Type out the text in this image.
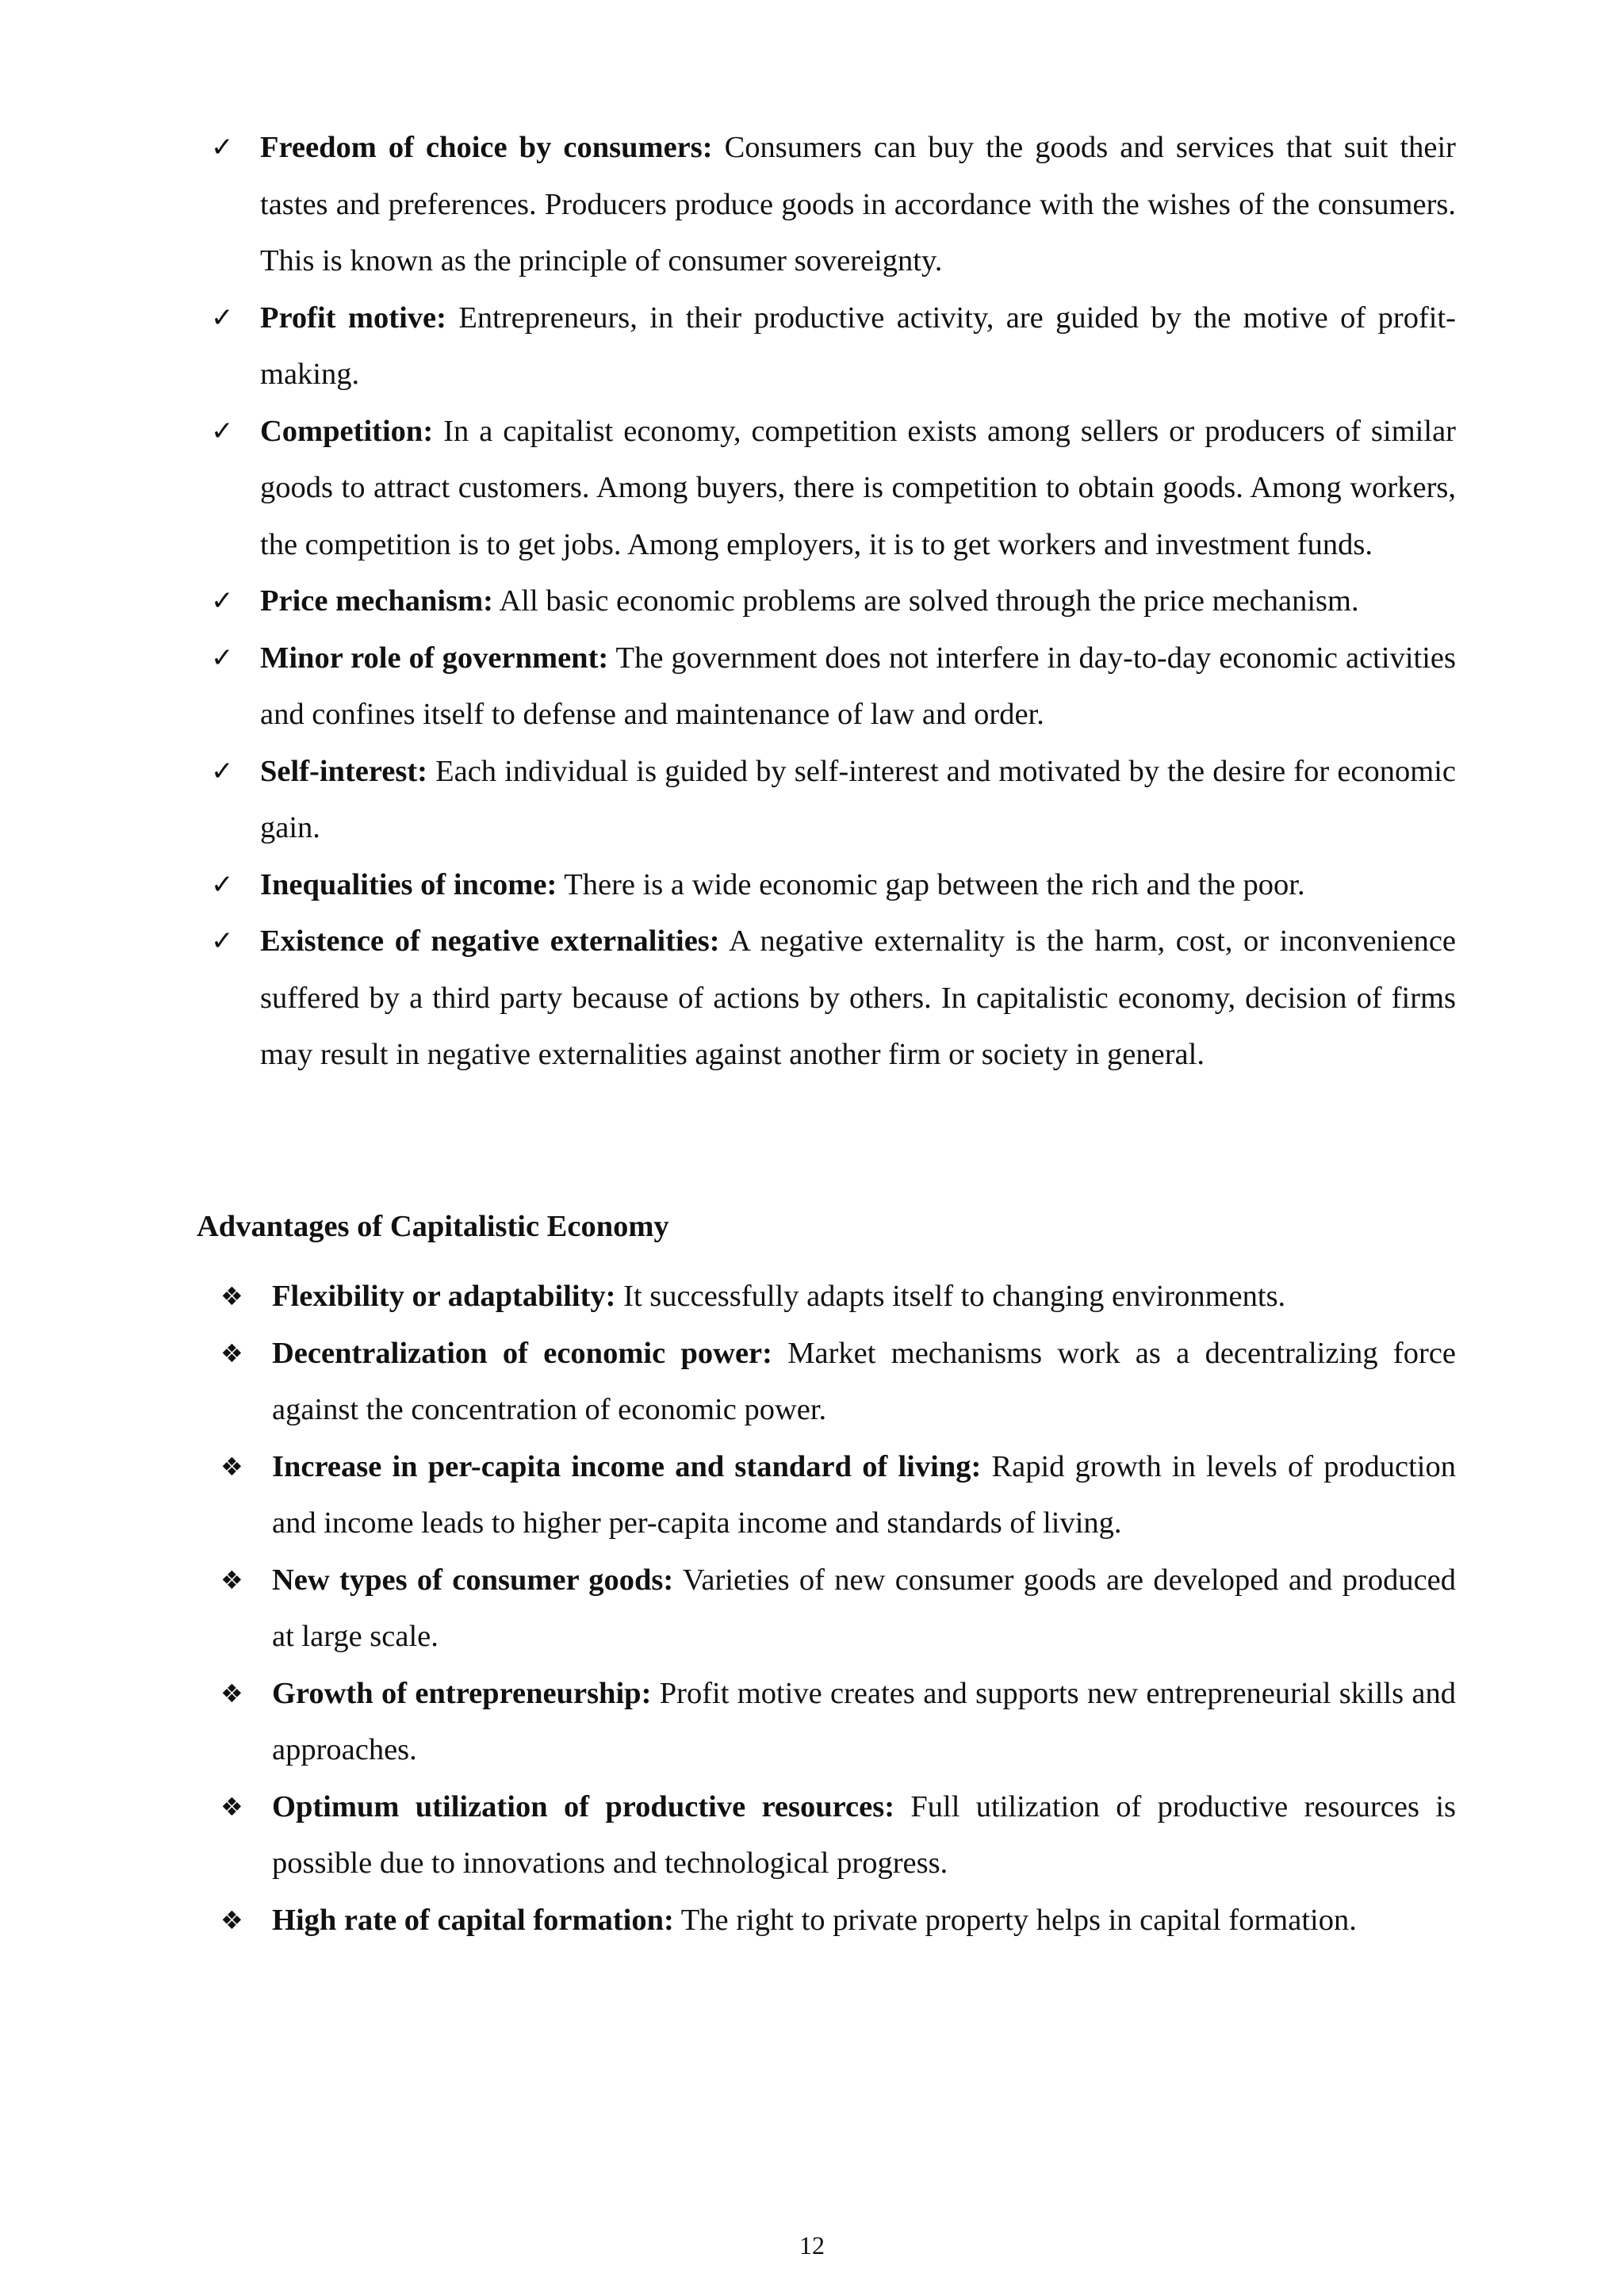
✓ Freedom of choice by consumers: Consumers can buy the goods and services that suit their tastes and preferences. Producers produce goods in accordance with the wishes of the consumers. This is known as the principle of consumer sovereignty.
✓ Profit motive: Entrepreneurs, in their productive activity, are guided by the motive of profit-making.
✓ Competition: In a capitalist economy, competition exists among sellers or producers of similar goods to attract customers. Among buyers, there is competition to obtain goods. Among workers, the competition is to get jobs. Among employers, it is to get workers and investment funds.
✓ Price mechanism: All basic economic problems are solved through the price mechanism.
✓ Minor role of government: The government does not interfere in day-to-day economic activities and confines itself to defense and maintenance of law and order.
✓ Self-interest: Each individual is guided by self-interest and motivated by the desire for economic gain.
✓ Inequalities of income: There is a wide economic gap between the rich and the poor.
✓ Existence of negative externalities: A negative externality is the harm, cost, or inconvenience suffered by a third party because of actions by others. In capitalistic economy, decision of firms may result in negative externalities against another firm or society in general.
Advantages of Capitalistic Economy
❖ Flexibility or adaptability: It successfully adapts itself to changing environments.
❖ Decentralization of economic power: Market mechanisms work as a decentralizing force against the concentration of economic power.
❖ Increase in per-capita income and standard of living: Rapid growth in levels of production and income leads to higher per-capita income and standards of living.
❖ New types of consumer goods: Varieties of new consumer goods are developed and produced at large scale.
❖ Growth of entrepreneurship: Profit motive creates and supports new entrepreneurial skills and approaches.
❖ Optimum utilization of productive resources: Full utilization of productive resources is possible due to innovations and technological progress.
❖ High rate of capital formation: The right to private property helps in capital formation.
12
